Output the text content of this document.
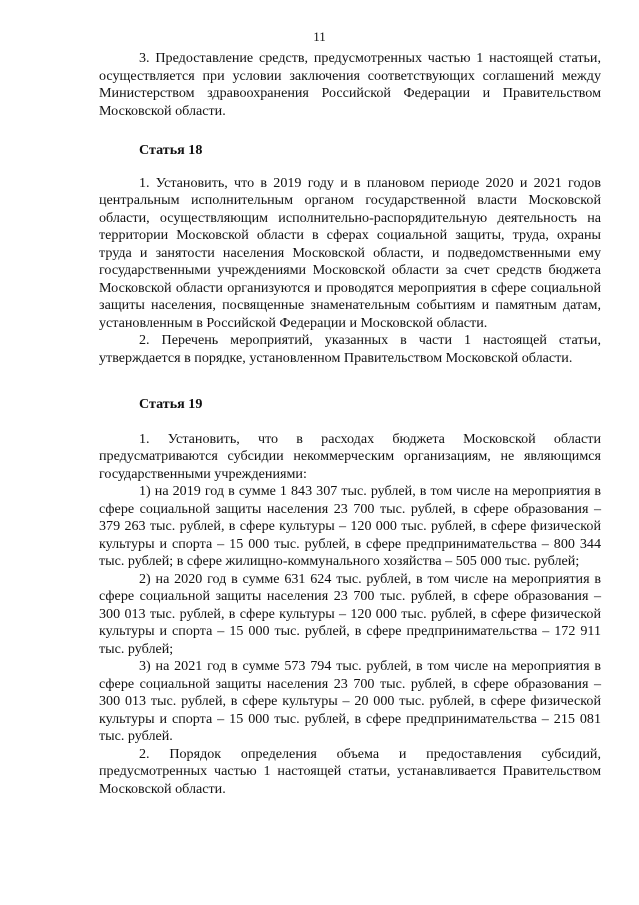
11

3. Предоставление средств, предусмотренных частью 1 настоящей статьи, осуществляется при условии заключения соответствующих соглашений между Министерством здравоохранения Российской Федерации и Правительством Московской области.

Статья 18

1. Установить, что в 2019 году и в плановом периоде 2020 и 2021 годов центральным исполнительным органом государственной власти Московской области, осуществляющим исполнительно-распорядительную деятельность на территории Московской области в сферах социальной защиты, труда, охраны труда и занятости населения Московской области, и подведомственными ему государственными учреждениями Московской области за счет средств бюджета Московской области организуются и проводятся мероприятия в сфере социальной защиты населения, посвященные знаменательным событиям и памятным датам, установленным в Российской Федерации и Московской области.

2. Перечень мероприятий, указанных в части 1 настоящей статьи, утверждается в порядке, установленном Правительством Московской области.

Статья 19

1. Установить, что в расходах бюджета Московской области предусматриваются субсидии некоммерческим организациям, не являющимся государственными учреждениями:

1) на 2019 год в сумме 1 843 307 тыс. рублей, в том числе на мероприятия в сфере социальной защиты населения 23 700 тыс. рублей, в сфере образования – 379 263 тыс. рублей, в сфере культуры – 120 000 тыс. рублей, в сфере физической культуры и спорта – 15 000 тыс. рублей, в сфере предпринимательства – 800 344 тыс. рублей; в сфере жилищно-коммунального хозяйства – 505 000 тыс. рублей;

2) на 2020 год в сумме 631 624 тыс. рублей, в том числе на мероприятия в сфере социальной защиты населения 23 700 тыс. рублей, в сфере образования – 300 013 тыс. рублей, в сфере культуры – 120 000 тыс. рублей, в сфере физической культуры и спорта – 15 000 тыс. рублей, в сфере предпринимательства – 172 911 тыс. рублей;

3) на 2021 год в сумме 573 794 тыс. рублей, в том числе на мероприятия в сфере социальной защиты населения 23 700 тыс. рублей, в сфере образования – 300 013 тыс. рублей, в сфере культуры – 20 000 тыс. рублей, в сфере физической культуры и спорта – 15 000 тыс. рублей, в сфере предпринимательства – 215 081 тыс. рублей.

2. Порядок определения объема и предоставления субсидий, предусмотренных частью 1 настоящей статьи, устанавливается Правительством Московской области.
